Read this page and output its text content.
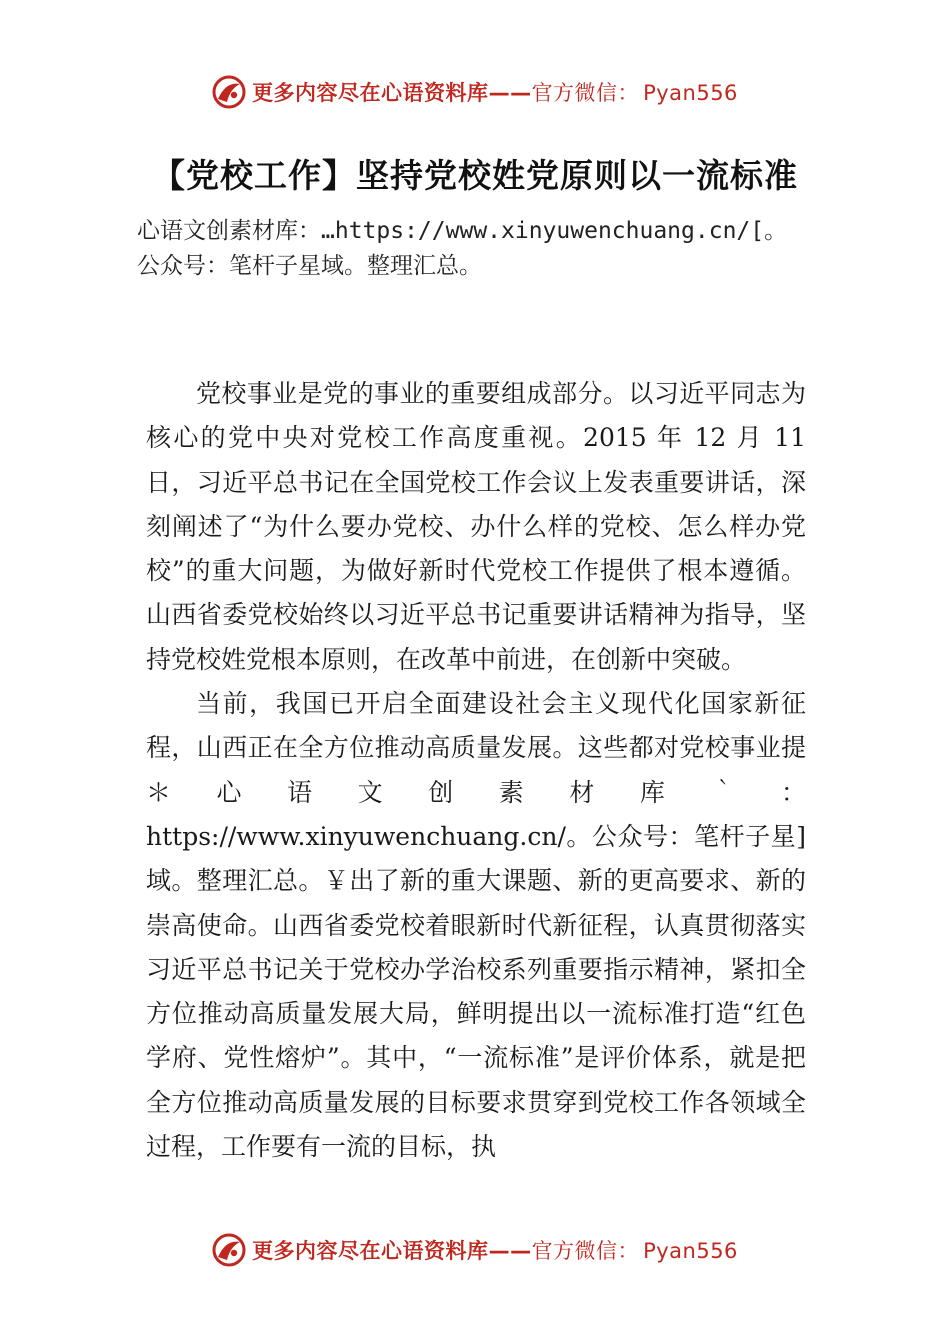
更多内容尽在心语资料库——官方微信： Pyan556
【党校工作】坚持党校姓党原则以一流标准
心语文创素材库：…https://www.xinyuwenchuang.cn/[。
公众号：笔杆子星域。整理汇总。

党校事业是党的事业的重要组成部分。以习近平同志为核心的党中央对党校工作高度重视。2015 年 12 月 11 日，习近平总书记在全国党校工作会议上发表重要讲话，深刻阐述了“为什么要办党校、办什么样的党校、怎么样办党校”的重大问题，为做好新时代党校工作提供了根本遵循。山西省委党校始终以习近平总书记重要讲话精神为指导，坚持党校姓党根本原则，在改革中前进，在创新中突破。

当前，我国已开启全面建设社会主义现代化国家新征程，山西正在全方位推动高质量发展。这些都对党校事业提＊心语文创素材库｀：https://www.xinyuwenchuang.cn/。公众号：笔杆子星]域。整理汇总。￥出了新的重大课题、新的更高要求、新的崇高使命。山西省委党校着眼新时代新征程，认真贯彻落实习近平总书记关于党校办学治校系列重要指示精神，紧扣全方位推动高质量发展大局，鲜明提出以一流标准打造“红色学府、党性熔炉”。其中，“一流标准”是评价体系，就是把全方位推动高质量发展的目标要求贯穿到党校工作各领域全过程，工作要有一流的目标，执

更多内容尽在心语资料库——官方微信： Pyan556
